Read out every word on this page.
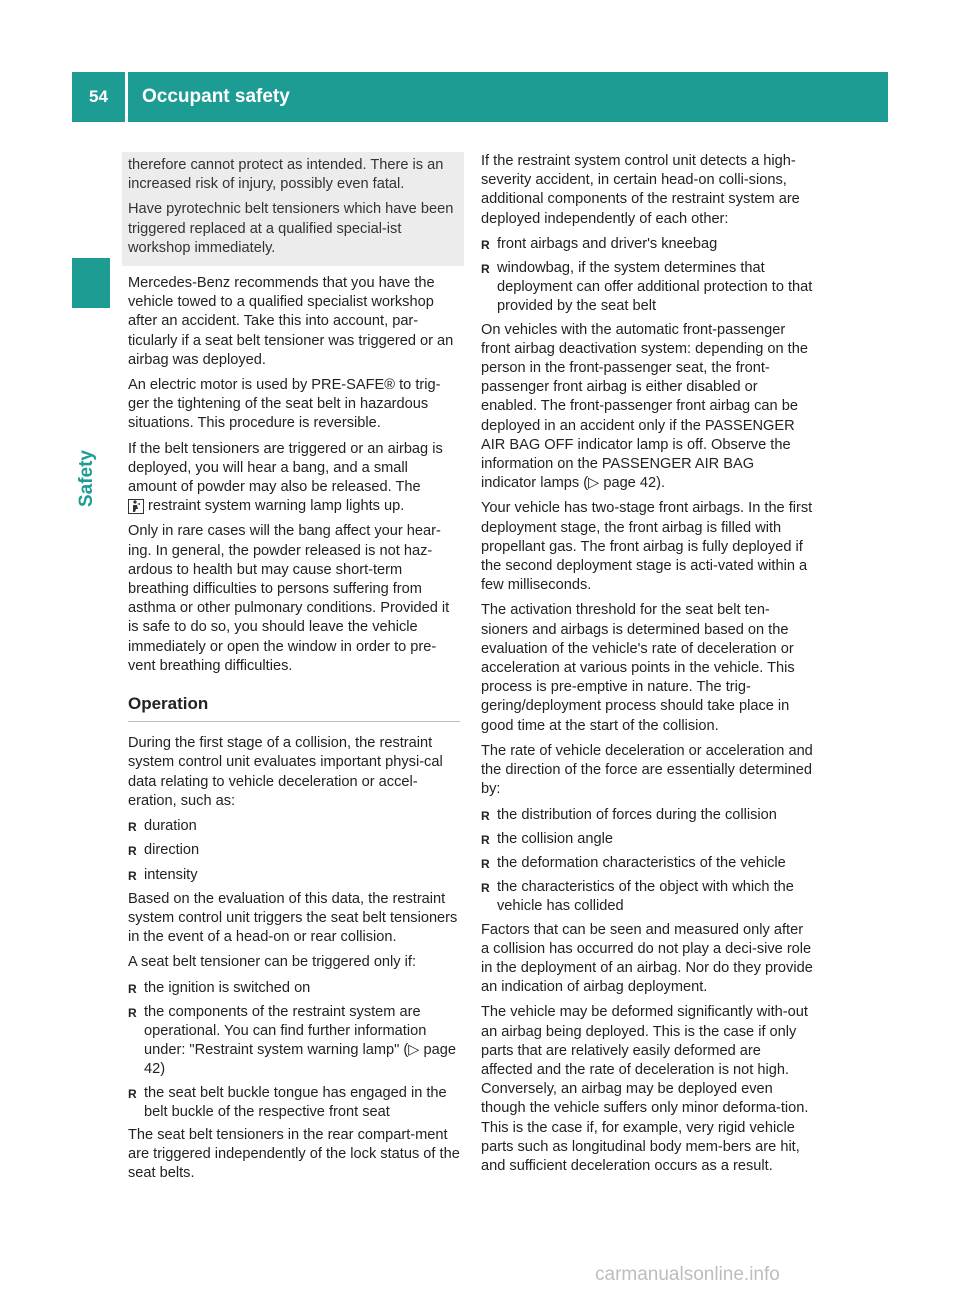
54	Occupant safety
Safety

therefore cannot protect as intended. There is an increased risk of injury, possibly even fatal.

Have pyrotechnic belt tensioners which have been triggered replaced at a qualified special-ist workshop immediately.

Mercedes-Benz recommends that you have the vehicle towed to a qualified specialist workshop after an accident. Take this into account, par-ticularly if a seat belt tensioner was triggered or an airbag was deployed.

An electric motor is used by PRE-SAFE® to trig-ger the tightening of the seat belt in hazardous situations. This procedure is reversible.

If the belt tensioners are triggered or an airbag is deployed, you will hear a bang, and a small amount of powder may also be released. The
restraint system warning lamp lights up.

Only in rare cases will the bang affect your hear-ing. In general, the powder released is not haz-ardous to health but may cause short-term breathing difficulties to persons suffering from asthma or other pulmonary conditions. Provided it is safe to do so, you should leave the vehicle immediately or open the window in order to pre-vent breathing difficulties.

Operation

During the first stage of a collision, the restraint system control unit evaluates important physi-cal data relating to vehicle deceleration or accel-eration, such as:

R duration
R direction
R intensity

Based on the evaluation of this data, the restraint system control unit triggers the seat belt tensioners in the event of a head-on or rear collision.

A seat belt tensioner can be triggered only if:

R the ignition is switched on
R the components of the restraint system are operational. You can find further information under: "Restraint system warning lamp" (▷ page 42)
R the seat belt buckle tongue has engaged in the belt buckle of the respective front seat

The seat belt tensioners in the rear compart-ment are triggered independently of the lock status of the seat belts.

If the restraint system control unit detects a high-severity accident, in certain head-on colli-sions, additional components of the restraint system are deployed independently of each other:

R front airbags and driver's kneebag
R windowbag, if the system determines that deployment can offer additional protection to that provided by the seat belt

On vehicles with the automatic front-passenger front airbag deactivation system: depending on the person in the front-passenger seat, the front-passenger front airbag is either disabled or enabled. The front-passenger front airbag can be deployed in an accident only if the PASSENGER AIR BAG OFF indicator lamp is off. Observe the information on the PASSENGER AIR BAG indicator lamps (▷ page 42).

Your vehicle has two-stage front airbags. In the first deployment stage, the front airbag is filled with propellant gas. The front airbag is fully deployed if the second deployment stage is acti-vated within a few milliseconds.

The activation threshold for the seat belt ten-sioners and airbags is determined based on the evaluation of the vehicle's rate of deceleration or acceleration at various points in the vehicle. This process is pre-emptive in nature. The trig-gering/deployment process should take place in good time at the start of the collision.

The rate of vehicle deceleration or acceleration and the direction of the force are essentially determined by:

R the distribution of forces during the collision
R the collision angle
R the deformation characteristics of the vehicle
R the characteristics of the object with which the vehicle has collided

Factors that can be seen and measured only after a collision has occurred do not play a deci-sive role in the deployment of an airbag. Nor do they provide an indication of airbag deployment.

The vehicle may be deformed significantly with-out an airbag being deployed. This is the case if only parts that are relatively easily deformed are affected and the rate of deceleration is not high. Conversely, an airbag may be deployed even though the vehicle suffers only minor deforma-tion. This is the case if, for example, very rigid vehicle parts such as longitudinal body mem-bers are hit, and sufficient deceleration occurs as a result.

carmanualsonline.info
